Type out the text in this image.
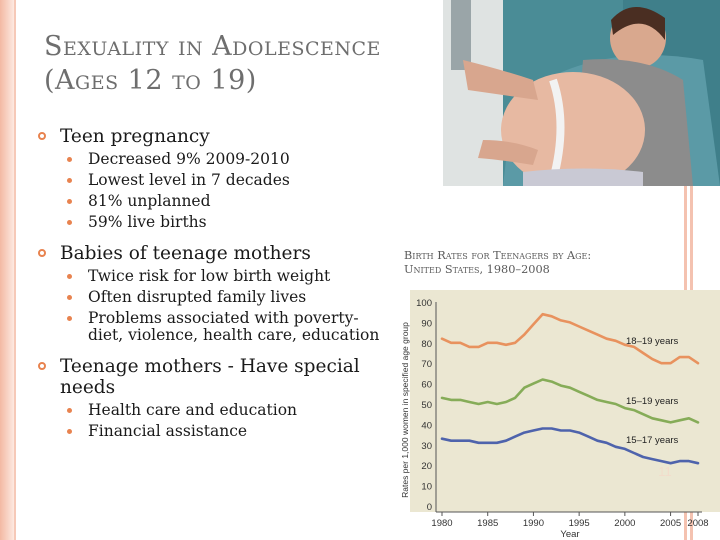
Sexuality in Adolescence
(Ages 12 to 19)
Teen pregnancy
Decreased 9% 2009-2010
Lowest level in 7 decades
81% unplanned
59% live births
Babies of teenage mothers
Twice risk for low birth weight
Often disrupted family lives
Problems associated with poverty- diet, violence, health care, education
Teenage mothers - Have special needs
Health care and education
Financial assistance
Birth Rates for Teenagers by Age:
United States, 1980–2008
0
10
20
30
40
50
60
70
80
90
100
1980	1985	1990	1995	2000	2005 2008
Year
Rates per 1,000 women in specified age group	18–19 years
15–19 years
15–17 years
11
